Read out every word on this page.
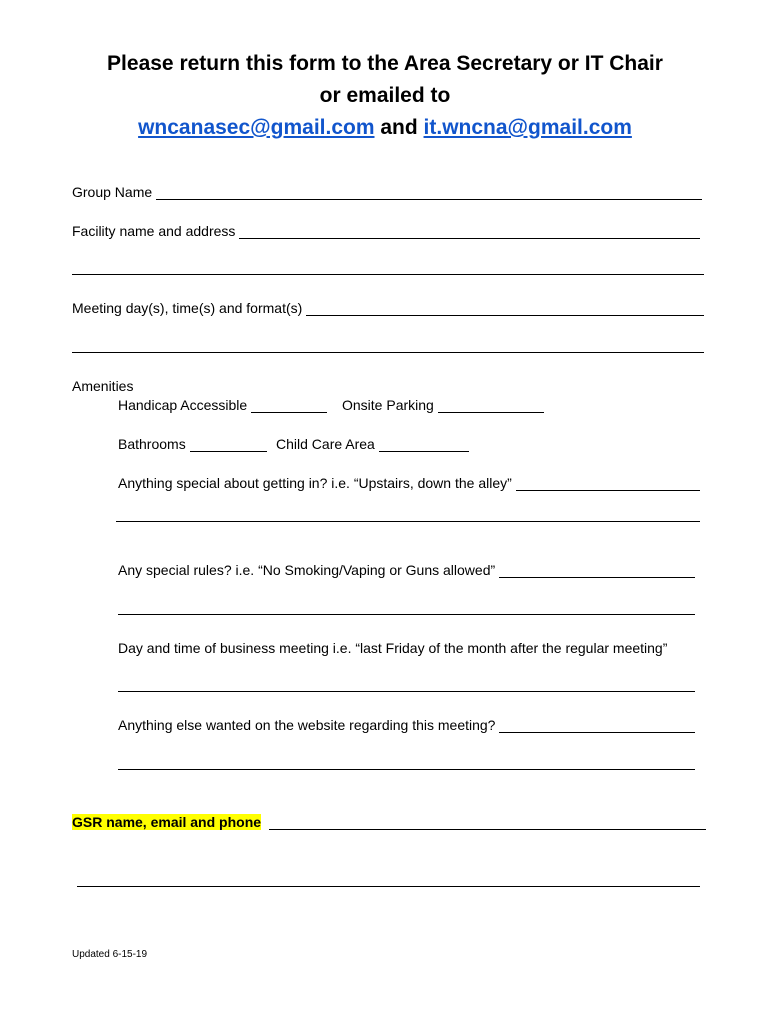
Please return this form to the Area Secretary or IT Chair
or emailed to
wncanasec@gmail.com and it.wncna@gmail.com
Group Name
Facility name and address
Meeting day(s), time(s) and format(s)
Amenities
Handicap Accessible	Onsite Parking
Bathrooms	Child Care Area
Anything special about getting in? i.e. “Upstairs, down the alley”
Any special rules? i.e. “No Smoking/Vaping or Guns allowed”
Day and time of business meeting i.e. “last Friday of the month after the regular meeting”
Anything else wanted on the website regarding this meeting?
GSR name, email and phone
Updated 6-15-19
